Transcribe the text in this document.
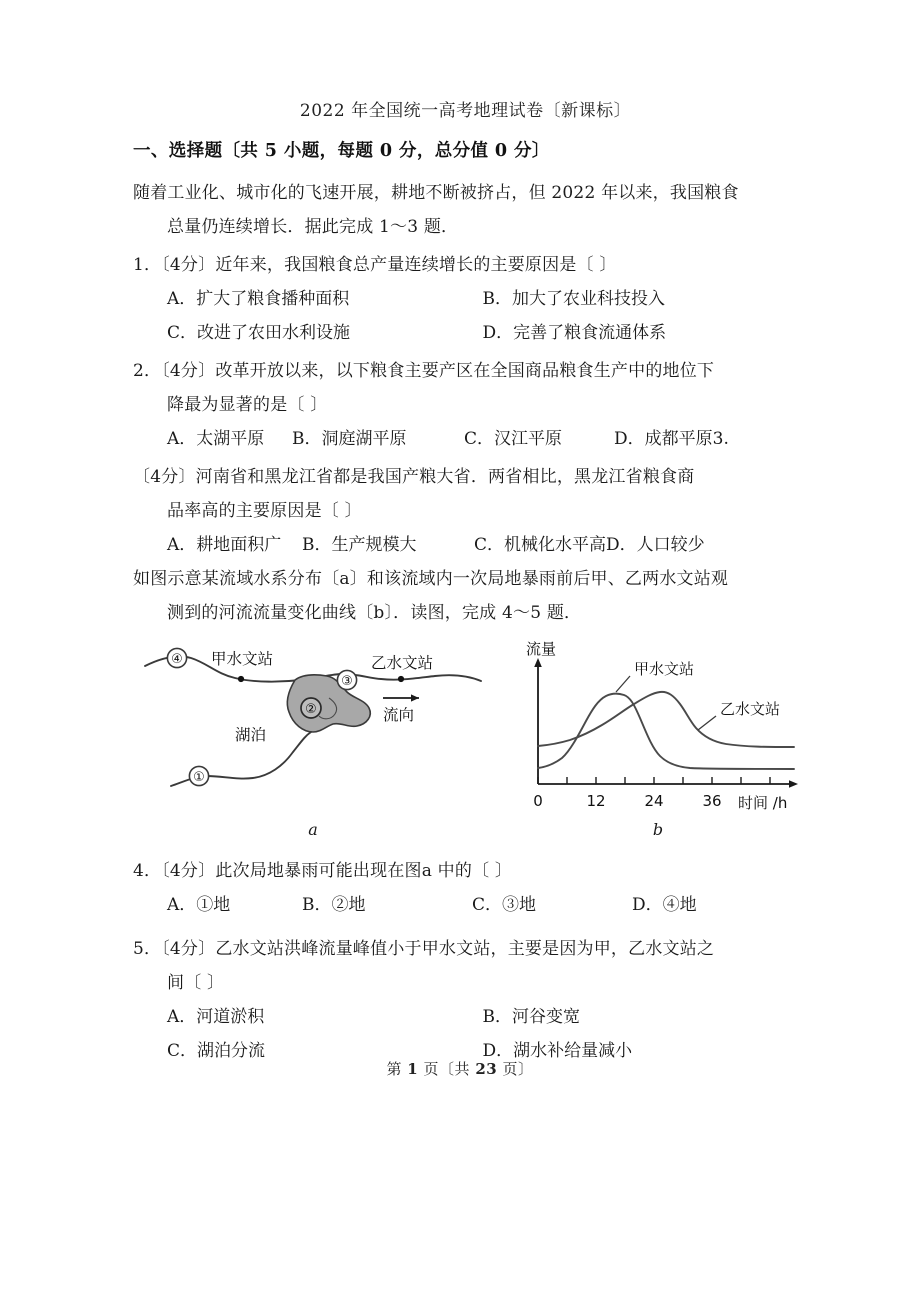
2022 年全国统一高考地理试卷〔新课标〕
一、选择题〔共 5 小题，每题 0 分，总分值 0 分〕
随着工业化、城市化的飞速开展，耕地不断被挤占，但 2022 年以来，我国粮食
总量仍连续增长．据此完成 1～3 题．
1．〔4分〕近年来，我国粮食总产量连续增长的主要原因是〔 〕
A．扩大了粮食播种面积	B．加大了农业科技投入
C．改进了农田水利设施	D．完善了粮食流通体系
2．〔4分〕改革开放以来，以下粮食主要产区在全国商品粮食生产中的地位下
降最为显著的是〔 〕
A．太湖平原	B．洞庭湖平原	C．汉江平原	D．成都平原3.
〔4分〕河南省和黑龙江省都是我国产粮大省．两省相比，黑龙江省粮食商
品率高的主要原因是〔 〕
A．耕地面积广	B．生产规模大	C．机械化水平高D．人口较少
如图示意某流域水系分布〔a〕和该流域内一次局地暴雨前后甲、乙两水文站观
测到的河流流量变化曲线〔b〕．读图，完成 4～5 题．
④
③
②
①
甲水文站	乙水文站
湖泊
流向
a
甲水文站
乙水文站
流量
时间 /h
0	12	24	36
b
4．〔4分〕此次局地暴雨可能出现在图a 中的〔 〕
A．①地	B．②地	C．③地	D．④地
5．〔4分〕乙水文站洪峰流量峰值小于甲水文站，主要是因为甲，乙水文站之
间〔 〕
A．河道淤积	B．河谷变宽
C．湖泊分流	D．湖水补给量减小
第 1 页〔共 23 页〕
